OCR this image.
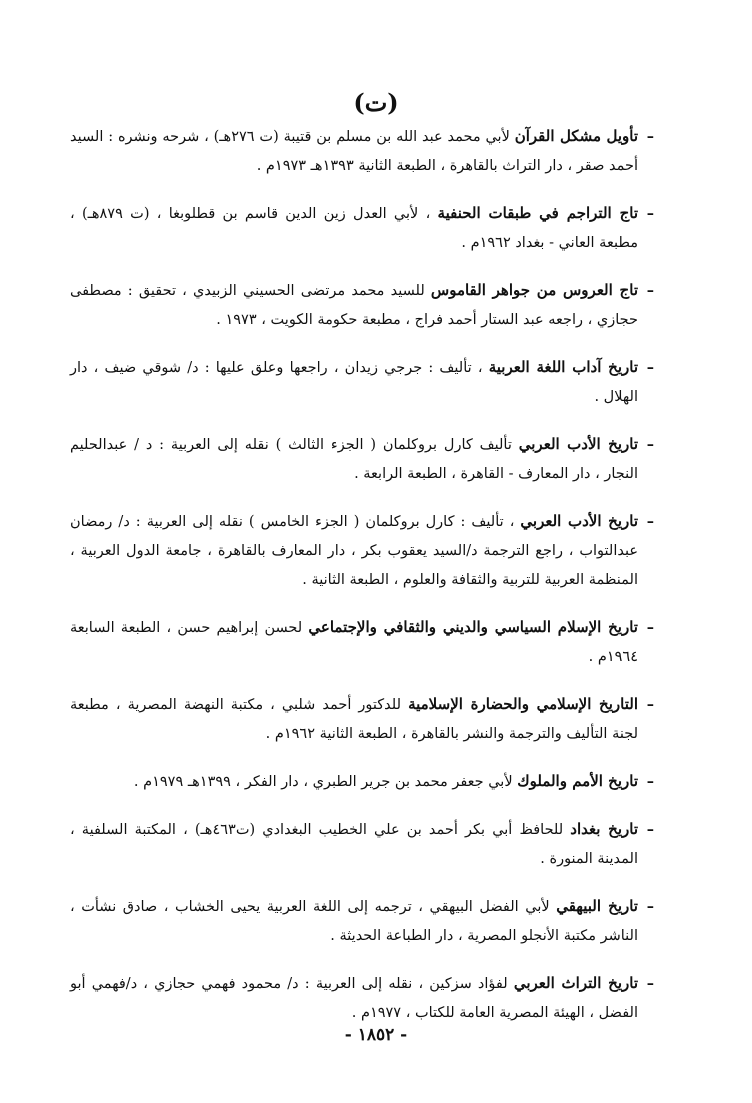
(ت)
–
تأويل مشكل القرآن لأبي محمد عبد الله بن مسلم بن قتيبة (ت ٢٧٦هـ) ، شرحه ونشره : السيد أحمد صقر ، دار التراث بالقاهرة ، الطبعة الثانية ١٣٩٣هـ ١٩٧٣م .
–
تاج التراجم في طبقات الحنفية ، لأبي العدل زين الدين قاسم بن قطلوبغا ، (ت ٨٧٩هـ) ، مطبعة العاني - بغداد ١٩٦٢م .
–
تاج العروس من جواهر القاموس للسيد محمد مرتضى الحسيني الزبيدي ، تحقيق : مصطفى حجازي ، راجعه عبد الستار أحمد فراج ، مطبعة حكومة الكويت ، ١٩٧٣ .
–
تاريخ آداب اللغة العربية ، تأليف : جرجي زيدان ، راجعها وعلق عليها : د/ شوقي ضيف ، دار الهلال .
–
تاريخ الأدب العربي تأليف كارل بروكلمان ( الجزء الثالث ) نقله إلى العربية : د / عبدالحليم النجار ، دار المعارف - القاهرة ، الطبعة الرابعة .
–
تاريخ الأدب العربي ، تأليف : كارل بروكلمان ( الجزء الخامس ) نقله إلى العربية : د/ رمضان عبدالتواب ، راجع الترجمة د/السيد يعقوب بكر ، دار المعارف بالقاهرة ، جامعة الدول العربية ، المنظمة العربية للتربية والثقافة والعلوم ، الطبعة الثانية .
–
تاريخ الإسلام السياسي والديني والثقافي والإجتماعي لحسن إبراهيم حسن ، الطبعة السابعة ١٩٦٤م .
–
التاريخ الإسلامي والحضارة الإسلامية للدكتور أحمد شلبي ، مكتبة النهضة المصرية ، مطبعة لجنة التأليف والترجمة والنشر بالقاهرة ، الطبعة الثانية ١٩٦٢م .
–
تاريخ الأمم والملوك لأبي جعفر محمد بن جرير الطبري ، دار الفكر ، ١٣٩٩هـ ١٩٧٩م .
–
تاريخ بغداد للحافظ أبي بكر أحمد بن علي الخطيب البغدادي (ت٤٦٣هـ) ، المكتبة السلفية ، المدينة المنورة .
–
تاريخ البيهقي لأبي الفضل البيهقي ، ترجمه إلى اللغة العربية يحيى الخشاب ، صادق نشأت ، الناشر مكتبة الأنجلو المصرية ، دار الطباعة الحديثة .
–
تاريخ التراث العربي لفؤاد سزكين ، نقله إلى العربية : د/ محمود فهمي حجازي ، د/فهمي أبو الفضل ، الهيئة المصرية العامة للكتاب ، ١٩٧٧م .
- ١٨٥٢ -
